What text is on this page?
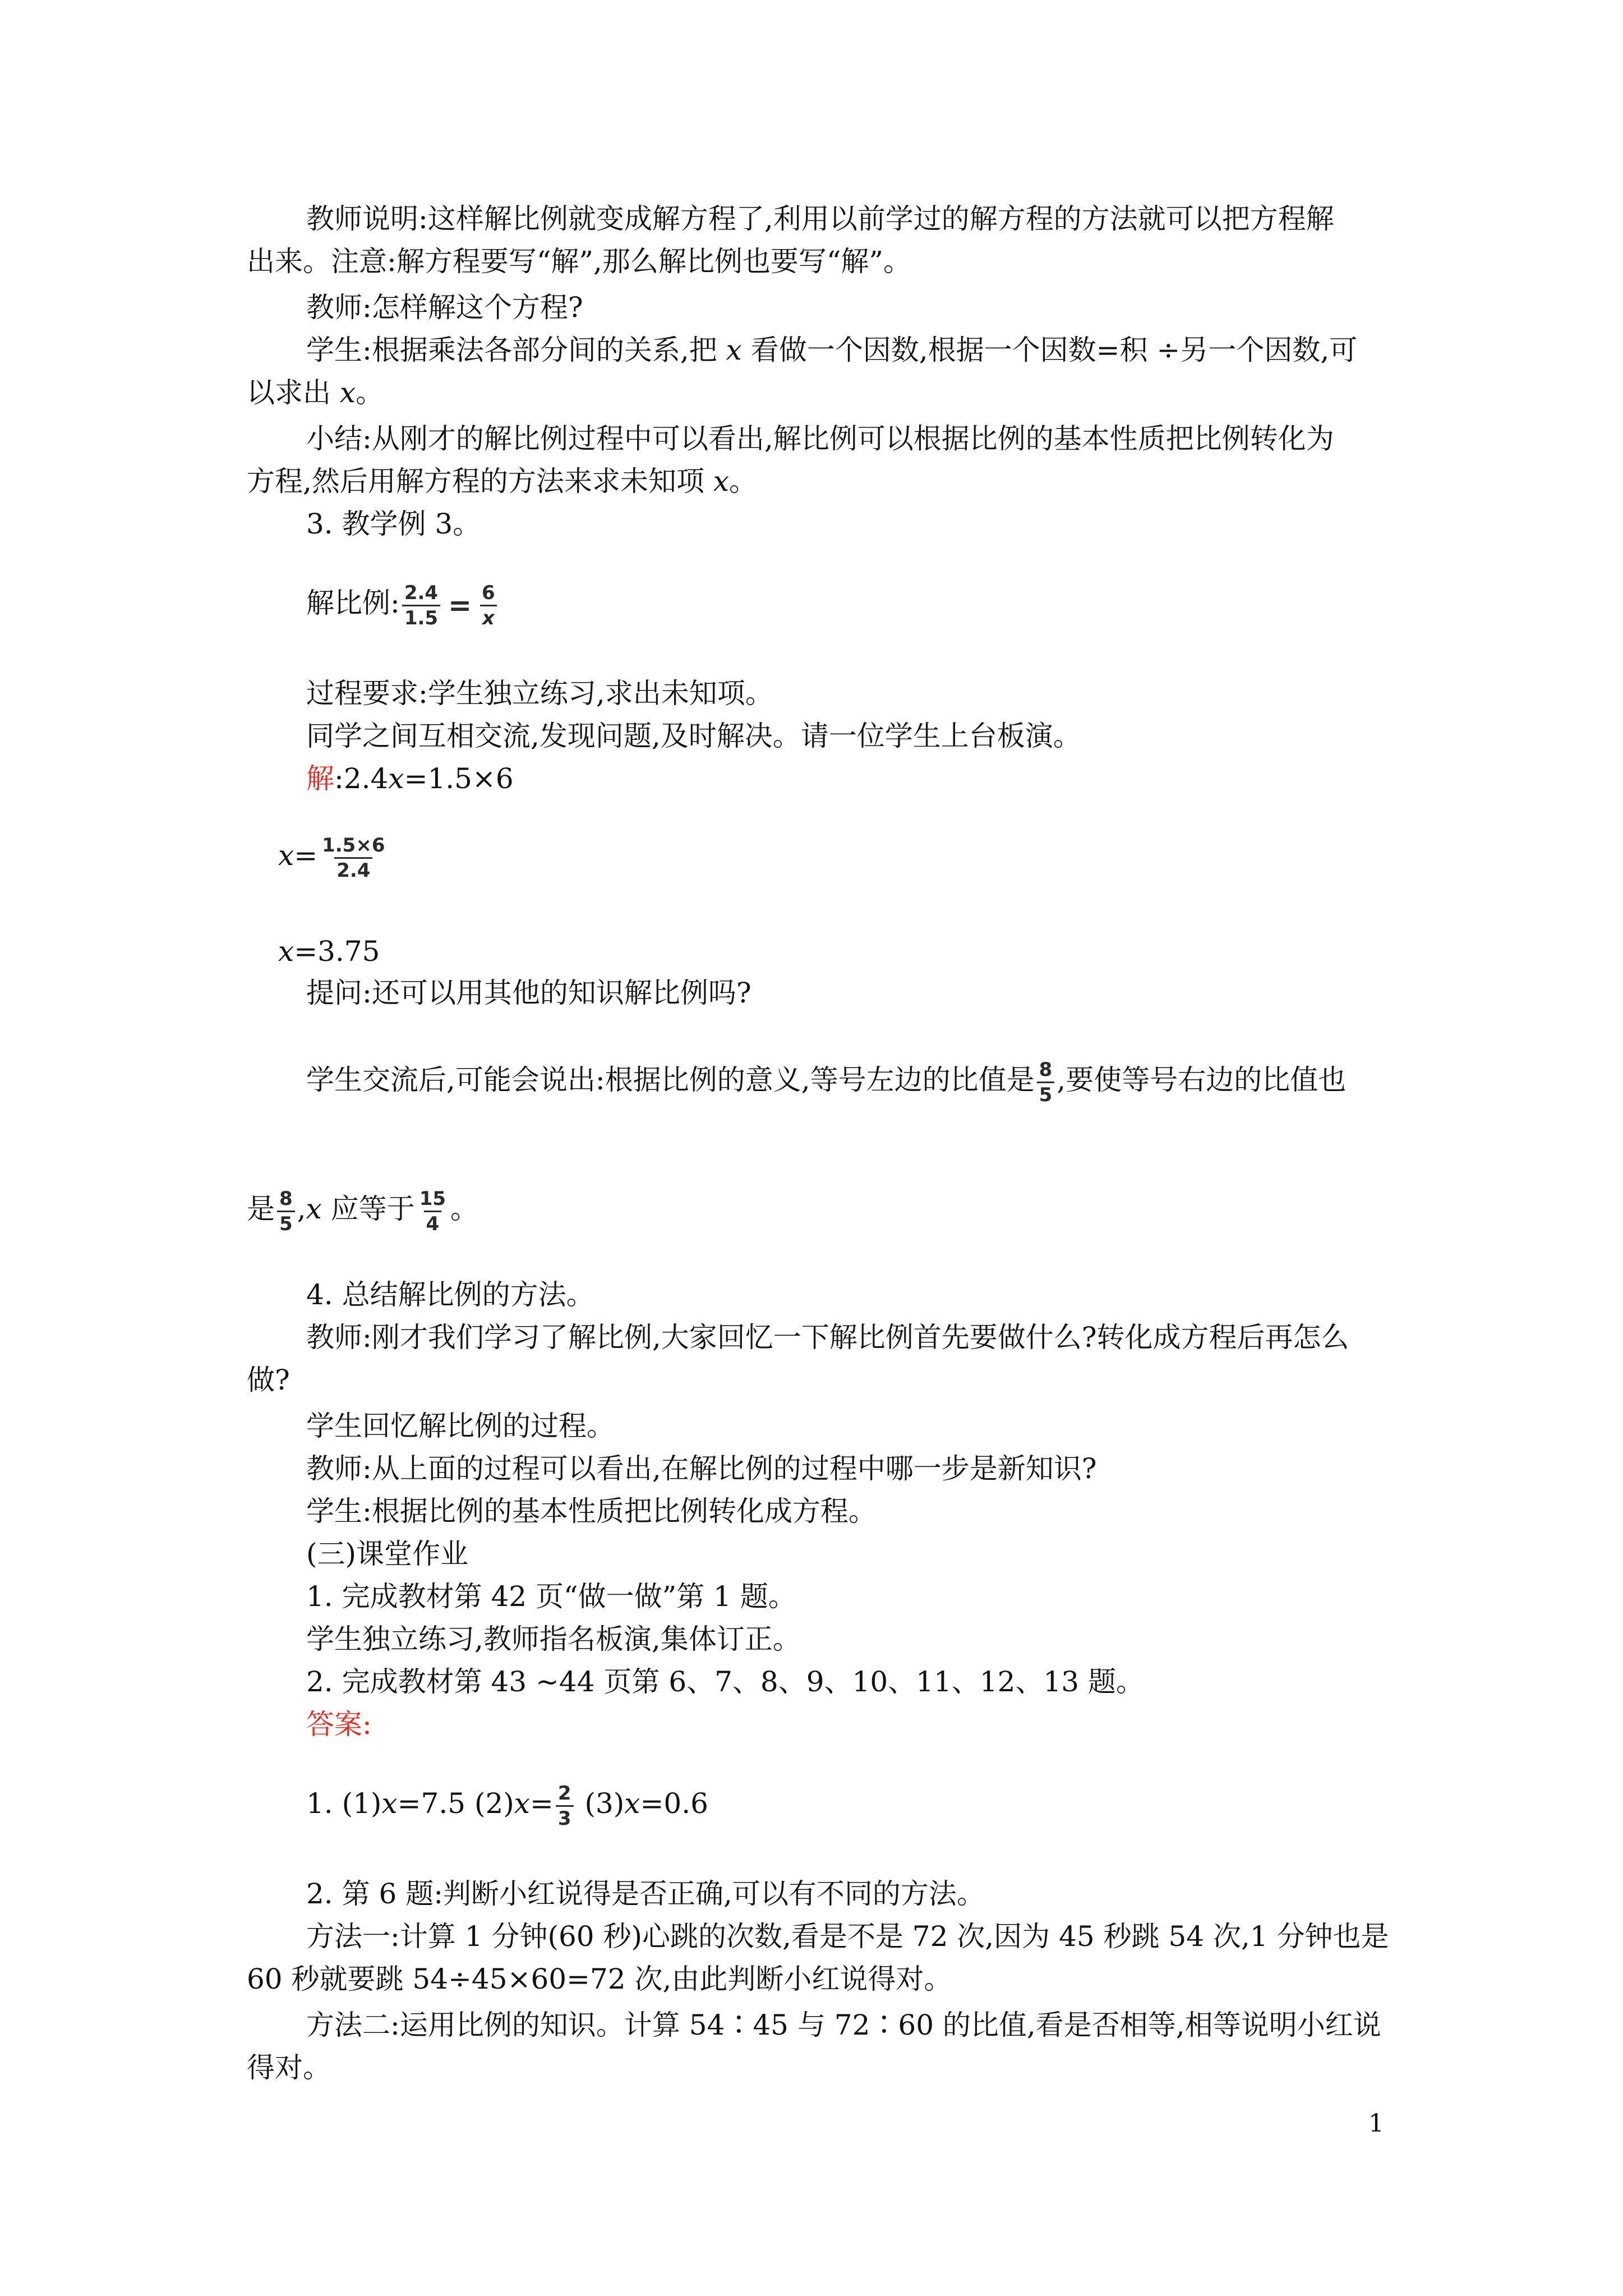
教师说明:这样解比例就变成解方程了,利用以前学过的解方程的方法就可以把方程解
出来。注意:解方程要写“解”,那么解比例也要写“解”。
教师:怎样解这个方程?
学生:根据乘法各部分间的关系,把 x 看做一个因数,根据一个因数=积 ÷另一个因数,可
以求出 x。
小结:从刚才的解比例过程中可以看出,解比例可以根据比例的基本性质把比例转化为
方程,然后用解方程的方法来求未知项 x。
3. 教学例 3。
解比例: $\frac{2.4}{1.5} = \frac{6}{x}$
过程要求:学生独立练习,求出未知项。
同学之间互相交流,发现问题,及时解决。请一位学生上台板演。
解:2.4x=1.5×6
$x= \frac{1.5\times 6}{2.4}$
x=3.75
提问:还可以用其他的知识解比例吗?
学生交流后,可能会说出:根据比例的意义,等号左边的比值是 $\frac{8}{5}$ ,要使等号右边的比值也
是 $\frac{8}{5} ,x$ 应等于 $\frac{15}{4}$ 。
4. 总结解比例的方法。
教师:刚才我们学习了解比例,大家回忆一下解比例首先要做什么?转化成方程后再怎么
做?
学生回忆解比例的过程。
教师:从上面的过程可以看出,在解比例的过程中哪一步是新知识?
学生:根据比例的基本性质把比例转化成方程。
(三)课堂作业
1. 完成教材第 42 页“做一做”第 1 题。
学生独立练习,教师指名板演,集体订正。
2. 完成教材第 43 ~44 页第 6、7、8、9、10、11、12、13 题。
答案:
1. (1)x=7.5 $(2)x= \frac{2}{3} (3)x=0.6$
2. 第 6 题:判断小红说得是否正确,可以有不同的方法。
方法一:计算 1 分钟(60 秒)心跳的次数,看是不是 72 次,因为 45 秒跳 54 次,1 分钟也是
60 秒就要跳 54÷45×60=72 次,由此判断小红说得对。
方法二:运用比例的知识。计算 54∶45 与 72∶60 的比值,看是否相等,相等说明小红说
得对。
1
